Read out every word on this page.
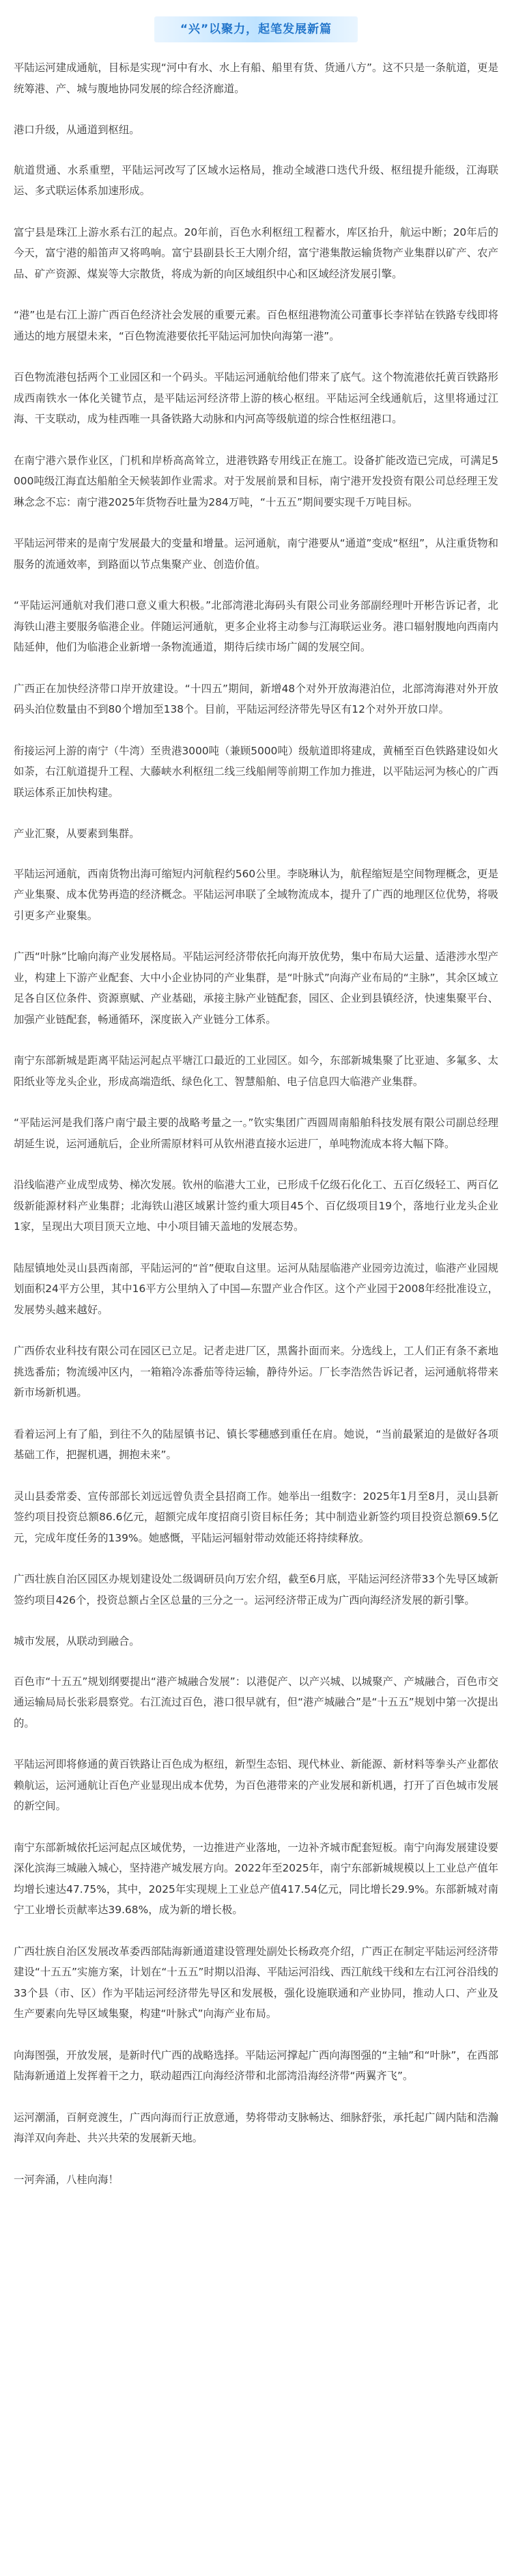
“兴”以聚力，起笔发展新篇

平陆运河建成通航，目标是实现“河中有水、水上有船、船里有货、货通八方”。这不只是一条航道，更是统筹港、产、城与腹地协同发展的综合经济廊道。

港口升级，从通道到枢纽。

航道贯通、水系重塑，平陆运河改写了区域水运格局，推动全域港口迭代升级、枢纽提升能级，江海联运、多式联运体系加速形成。

富宁县是珠江上游水系右江的起点。20年前，百色水利枢纽工程蓄水，库区抬升，航运中断；20年后的今天，富宁港的船笛声又将鸣响。富宁县副县长王大刚介绍，富宁港集散运输货物产业集群以矿产、农产品、矿产资源、煤炭等大宗散货，将成为新的向区域组织中心和区域经济发展引擎。

“港”也是右江上游广西百色经济社会发展的重要元素。百色枢纽港物流公司董事长李祥钻在铁路专线即将通达的地方展望未来，“百色物流港要依托平陆运河加快向海第一港”。

百色物流港包括两个工业园区和一个码头。平陆运河通航给他们带来了底气。这个物流港依托黄百铁路形成西南铁水一体化关键节点，是平陆运河经济带上游的核心枢纽。平陆运河全线通航后，这里将通过江海、干支联动，成为桂西唯一具备铁路大动脉和内河高等级航道的综合性枢纽港口。

在南宁港六景作业区，门机和岸桥高高耸立，进港铁路专用线正在施工。设备扩能改造已完成，可满足5000吨级江海直达船舶全天候装卸作业需求。对于发展前景和目标，南宁港开发投资有限公司总经理王发琳念念不忘：南宁港2025年货物吞吐量为284万吨，“十五五”期间要实现千万吨目标。

平陆运河带来的是南宁发展最大的变量和增量。运河通航，南宁港要从“通道”变成“枢纽”，从注重货物和服务的流通效率，到路面以节点集聚产业、创造价值。

“平陆运河通航对我们港口意义重大积极。”北部湾港北海码头有限公司业务部副经理叶开彬告诉记者，北海铁山港主要服务临港企业。伴随运河通航，更多企业将主动参与江海联运业务。港口辐射腹地向西南内陆延伸，他们为临港企业新增一条物流通道，期待后续市场广阔的发展空间。

广西正在加快经济带口岸开放建设。“十四五”期间，新增48个对外开放海港泊位，北部湾海港对外开放码头泊位数量由不到80个增加至138个。目前，平陆运河经济带先导区有12个对外开放口岸。

衔接运河上游的南宁（牛湾）至贵港3000吨（兼顾5000吨）级航道即将建成，黄桶至百色铁路建设如火如荼，右江航道提升工程、大藤峡水利枢纽二线三线船闸等前期工作加力推进，以平陆运河为核心的广西联运体系正加快构建。

产业汇聚，从要素到集群。

平陆运河通航，西南货物出海可缩短内河航程约560公里。李晓琳认为，航程缩短是空间物理概念，更是产业集聚、成本优势再造的经济概念。平陆运河串联了全域物流成本，提升了广西的地理区位优势，将吸引更多产业聚集。

广西“叶脉”比喻向海产业发展格局。平陆运河经济带依托向海开放优势，集中布局大运量、适港涉水型产业，构建上下游产业配套、大中小企业协同的产业集群，是“叶脉式”向海产业布局的“主脉”，其余区域立足各自区位条件、资源禀赋、产业基础，承接主脉产业链配套，园区、企业到县镇经济，快速集聚平台、加强产业链配套，畅通循环，深度嵌入产业链分工体系。

南宁东部新城是距离平陆运河起点平塘江口最近的工业园区。如今，东部新城集聚了比亚迪、多氟多、太阳纸业等龙头企业，形成高端造纸、绿色化工、智慧船舶、电子信息四大临港产业集群。

“平陆运河是我们落户南宁最主要的战略考量之一。”钦实集团广西圆周南船舶科技发展有限公司副总经理胡延生说，运河通航后，企业所需原材料可从钦州港直接水运进厂，单吨物流成本将大幅下降。

沿线临港产业成型成势、梯次发展。钦州的临港大工业，已形成千亿级石化化工、五百亿级轻工、两百亿级新能源材料产业集群；北海铁山港区域累计签约重大项目45个、百亿级项目19个，落地行业龙头企业1家，呈现出大项目顶天立地、中小项目铺天盖地的发展态势。

陆屋镇地处灵山县西南部，平陆运河的“首”便取自这里。运河从陆屋临港产业园旁边流过，临港产业园规划面积24平方公里，其中16平方公里纳入了中国—东盟产业合作区。这个产业园于2008年经批准设立，发展势头越来越好。

广西侨农业科技有限公司在园区已立足。记者走进厂区，黑酱扑面而来。分选线上，工人们正有条不紊地挑选番茄；物流缓冲区内，一箱箱冷冻番茄等待运输，静待外运。厂长李浩然告诉记者，运河通航将带来新市场新机遇。

看着运河上有了船，到往不久的陆屋镇书记、镇长零穗感到重任在肩。她说，“当前最紧迫的是做好各项基础工作，把握机遇，拥抱未来”。

灵山县委常委、宣传部部长刘远远曾负责全县招商工作。她举出一组数字：2025年1月至8月，灵山县新签约项目投资总额86.6亿元，超额完成年度招商引资目标任务；其中制造业新签约项目投资总额69.5亿元，完成年度任务的139%。她感慨，平陆运河辐射带动效能还将持续释放。

广西壮族自治区园区办规划建设处二级调研员向万宏介绍，截至6月底，平陆运河经济带33个先导区域新签约项目426个，投资总额占全区总量的三分之一。运河经济带正成为广西向海经济发展的新引擎。

城市发展，从联动到融合。

百色市“十五五”规划纲要提出“港产城融合发展”：以港促产、以产兴城、以城聚产、产城融合，百色市交通运输局局长张彩晨察党。右江流过百色，港口很早就有，但“港产城融合”是“十五五”规划中第一次提出的。

平陆运河即将修通的黄百铁路让百色成为枢纽，新型生态铝、现代林业、新能源、新材料等拳头产业都依赖航运，运河通航让百色产业显现出成本优势，为百色港带来的产业发展和新机遇，打开了百色城市发展的新空间。

南宁东部新城依托运河起点区域优势，一边推进产业落地，一边补齐城市配套短板。南宁向海发展建设要深化滨海三城融入城心，坚持港产城发展方向。2022年至2025年，南宁东部新城规模以上工业总产值年均增长速达47.75%，其中，2025年实现规上工业总产值417.54亿元，同比增长29.9%。东部新城对南宁工业增长贡献率达39.68%，成为新的增长极。

广西壮族自治区发展改革委西部陆海新通道建设管理处副处长杨政亮介绍，广西正在制定平陆运河经济带建设“十五五”实施方案，计划在“十五五”时期以沿海、平陆运河沿线、西江航线干线和左右江河谷沿线的33个县（市、区）作为平陆运河经济带先导区和发展极，强化设施联通和产业协同，推动人口、产业及生产要素向先导区域集聚，构建“叶脉式”向海产业布局。

向海图强，开放发展，是新时代广西的战略选择。平陆运河撑起广西向海图强的“主轴”和“叶脉”，在西部陆海新通道上发挥着干之力，联动超西江向海经济带和北部湾沿海经济带“两翼齐飞”。

运河潮涌，百舸竞渡生，广西向海而行正放意通，势将带动支脉畅达、细脉舒张，承托起广阔内陆和浩瀚海洋双向奔赴、共兴共荣的发展新天地。

一河奔涌，八桂向海！
